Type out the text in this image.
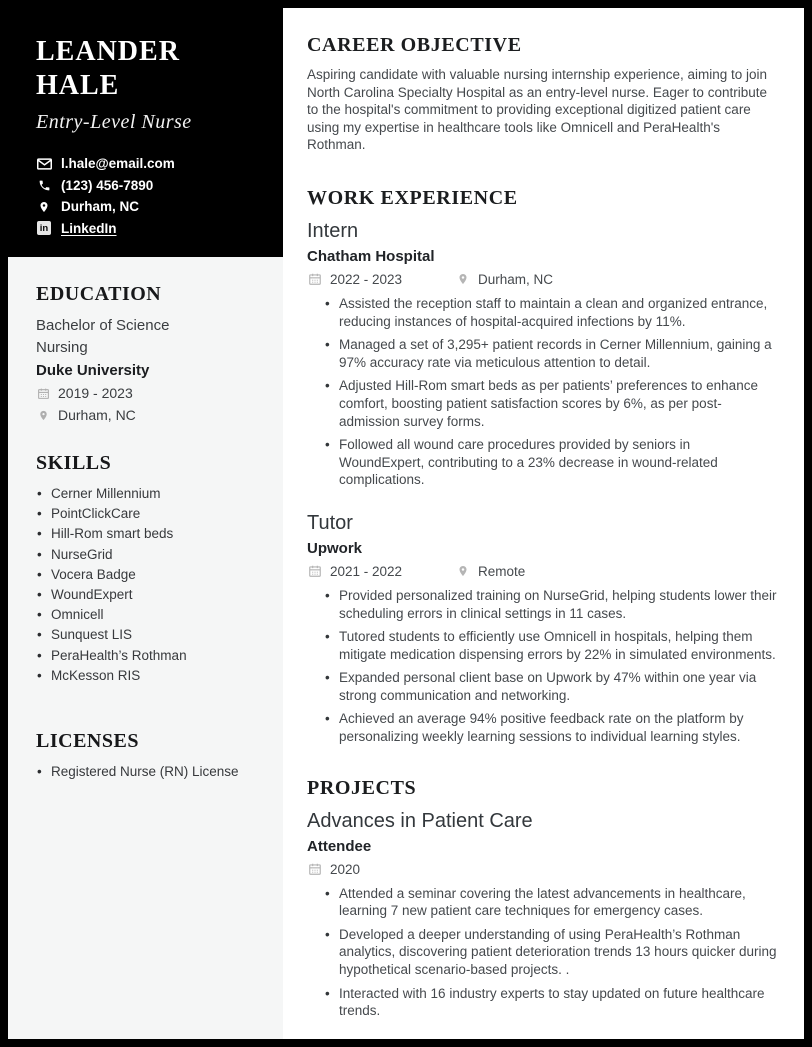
LEANDER HALE
Entry-Level Nurse
l.hale@email.com
(123) 456-7890
Durham, NC
in
LinkedIn
EDUCATION
Bachelor of Science
Nursing
Duke University
2019 - 2023
Durham, NC
SKILLS
• Cerner Millennium
• PointClickCare
• Hill-Rom smart beds
• NurseGrid
• Vocera Badge
• WoundExpert
• Omnicell
• Sunquest LIS
• PeraHealth’s Rothman
• McKesson RIS
LICENSES
• Registered Nurse (RN) License
CAREER OBJECTIVE

Aspiring candidate with valuable nursing internship experience, aiming to join North Carolina Specialty Hospital as an entry-level nurse. Eager to contribute to the hospital's commitment to providing exceptional digitized patient care using my expertise in healthcare tools like Omnicell and PeraHealth's Rothman.

WORK EXPERIENCE
Intern
Chatham Hospital
2022 - 2023	Durham, NC
• Assisted the reception staff to maintain a clean and organized entrance, reducing instances of hospital-acquired infections by 11%.
• Managed a set of 3,295+ patient records in Cerner Millennium, gaining a 97% accuracy rate via meticulous attention to detail.
• Adjusted Hill-Rom smart beds as per patients’ preferences to enhance comfort, boosting patient satisfaction scores by 6%, as per post-admission survey forms.
• Followed all wound care procedures provided by seniors in WoundExpert, contributing to a 23% decrease in wound-related complications.
Tutor
Upwork
2021 - 2022	Remote
• Provided personalized training on NurseGrid, helping students lower their scheduling errors in clinical settings in 11 cases.
• Tutored students to efficiently use Omnicell in hospitals, helping them mitigate medication dispensing errors by 22% in simulated environments.
• Expanded personal client base on Upwork by 47% within one year via strong communication and networking.
• Achieved an average 94% positive feedback rate on the platform by personalizing weekly learning sessions to individual learning styles.
PROJECTS
Advances in Patient Care
Attendee
2020
• Attended a seminar covering the latest advancements in healthcare, learning 7 new patient care techniques for emergency cases.
• Developed a deeper understanding of using PeraHealth’s Rothman analytics, discovering patient deterioration trends 13 hours quicker during hypothetical scenario-based projects. .
• Interacted with 16 industry experts to stay updated on future healthcare trends.
